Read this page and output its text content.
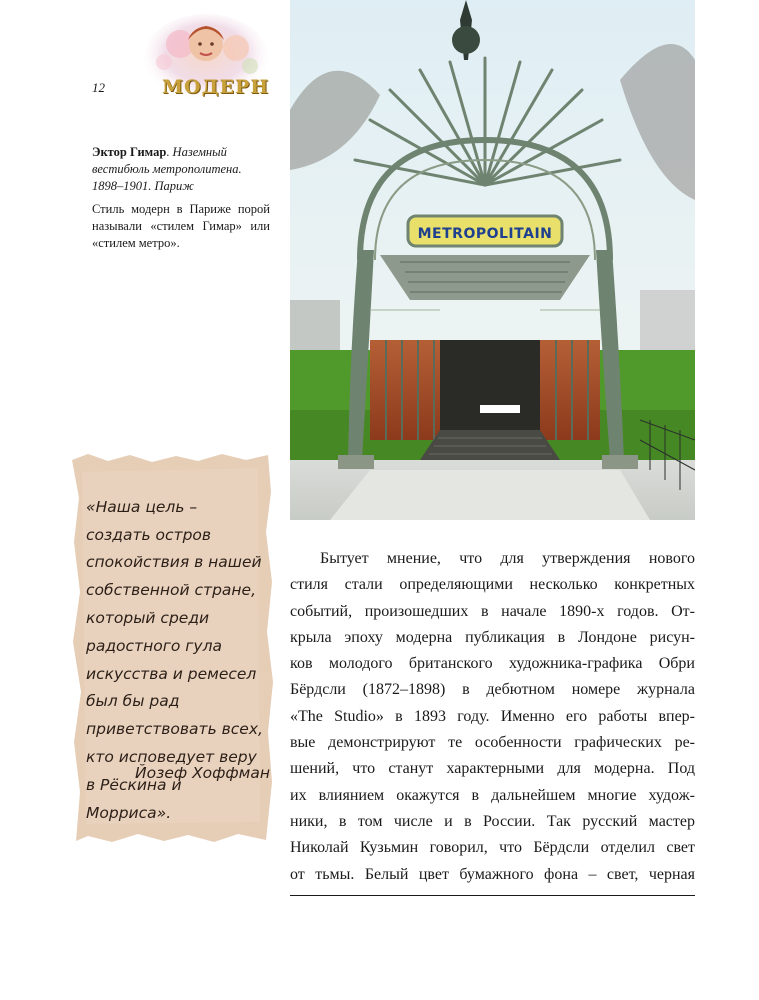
12	МОДЕРН
Эктор Гимар. Наземный вестибюль метрополитена. 1898–1901. Париж
Стиль модерн в Париже порой называли «стилем Гимар» или «стилем метро».
METROPOLITAIN

«Наша цель –
создать остров
спокойствия в нашей
собственной стране,
который среди
радостного гула
искусства и ремесел
был бы рад
приветствовать всех,
кто исповедует веру
в Рёскина и Морриса».

Йозеф Хоффман
Бытует мнение, что для утверждения нового
стиля стали определяющими несколько конкретных
событий, произошедших в начале 1890-х годов. От-
крыла эпоху модерна публикация в Лондоне рисун-
ков молодого британского художника-графика Обри
Бёрдсли (1872–1898) в дебютном номере журнала
«The Studio» в 1893 году. Именно его работы впер-
вые демонстрируют те особенности графических ре-
шений, что станут характерными для модерна. Под
их влиянием окажутся в дальнейшем многие худож-
ники, в том числе и в России. Так русский мастер
Николай Кузьмин говорил, что Бёрдсли отделил свет
от тьмы. Белый цвет бумажного фона – свет, черная
